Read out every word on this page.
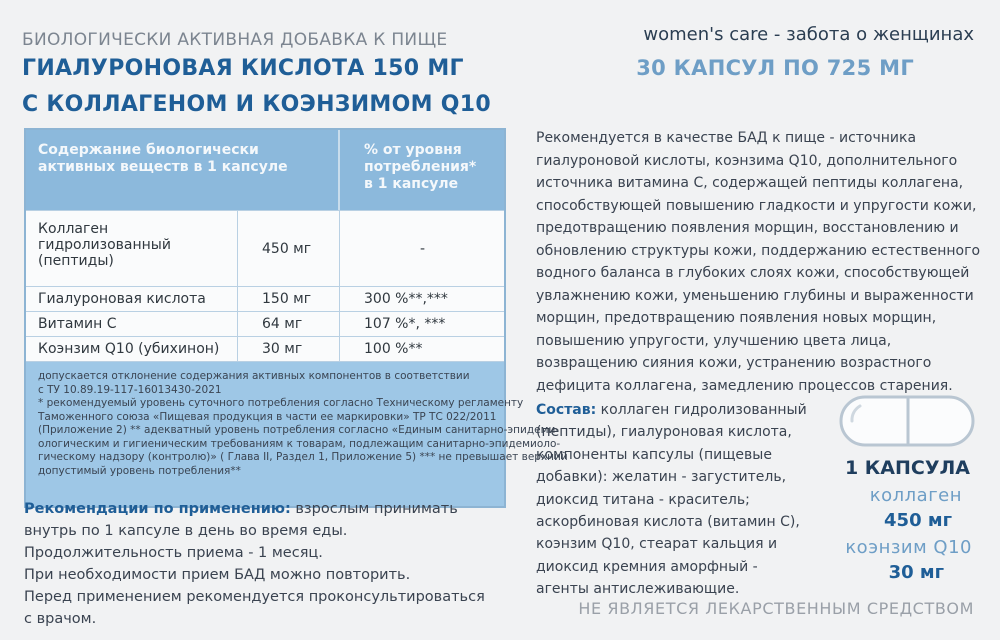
БИОЛОГИЧЕСКИ АКТИВНАЯ ДОБАВКА К ПИЩЕ
ГИАЛУРОНОВАЯ КИСЛОТА 150 МГ
С КОЛЛАГЕНОМ И КОЭНЗИМОМ Q10
women's care - забота о женщинах
30 КАПСУЛ ПО 725 МГ
Содержание биологически
активных веществ в 1 капсуле
% от уровня
потребления*
в 1 капсуле
Коллаген
гидролизованный
(пептиды)
450 мг	-
Гиалуроновая кислота	150 мг	300 %**,***
Витамин С	64 мг	107 %*, ***
Коэнзим Q10 (убихинон)	30 мг	100 %**
допускается отклонение содержания активных компонентов в соответствии
с ТУ 10.89.19-117-16013430-2021
* рекомендуемый уровень суточного потребления согласно Техническому регламенту
Таможенного союза «Пищевая продукция в части ее маркировки» ТР ТС 022/2011
(Приложение 2) ** адекватный уровень потребления согласно «Единым санитарно-эпидеми-
ологическим и гигиеническим требованиям к товарам, подлежащим санитарно-эпидемиоло-
гическому надзору (контролю)» ( Глава II, Раздел 1, Приложение 5) *** не превышает верхний
допустимый уровень потребления**
Рекомендации по применению: взрослым принимать
внутрь по 1 капсуле в день во время еды.
Продолжительность приема - 1 месяц.
При необходимости прием БАД можно повторить.
Перед применением рекомендуется проконсультироваться
с врачом.
Рекомендуется в качестве БАД к пище - источника
гиалуроновой кислоты, коэнзима Q10, дополнительного
источника витамина С, содержащей пептиды коллагена,
способствующей повышению гладкости и упругости кожи,
предотвращению появления морщин, восстановлению и
обновлению структуры кожи, поддержанию естественного
водного баланса в глубоких слоях кожи, способствующей
увлажнению кожи, уменьшению глубины и выраженности
морщин, предотвращению появления новых морщин,
повышению упругости, улучшению цвета лица,
возвращению сияния кожи, устранению возрастного
дефицита коллагена, замедлению процессов старения.
Состав: коллаген гидролизованный
(пептиды), гиалуроновая кислота,
компоненты капсулы (пищевые
добавки): желатин - загуститель,
диоксид титана - краситель;
аскорбиновая кислота (витамин С),
коэнзим Q10, стеарат кальция и
диоксид кремния аморфный -
агенты антислеживающие.
1 КАПСУЛА
коллаген
450 мг
коэнзим Q10
30 мг
НЕ ЯВЛЯЕТСЯ ЛЕКАРСТВЕННЫМ СРЕДСТВОМ
